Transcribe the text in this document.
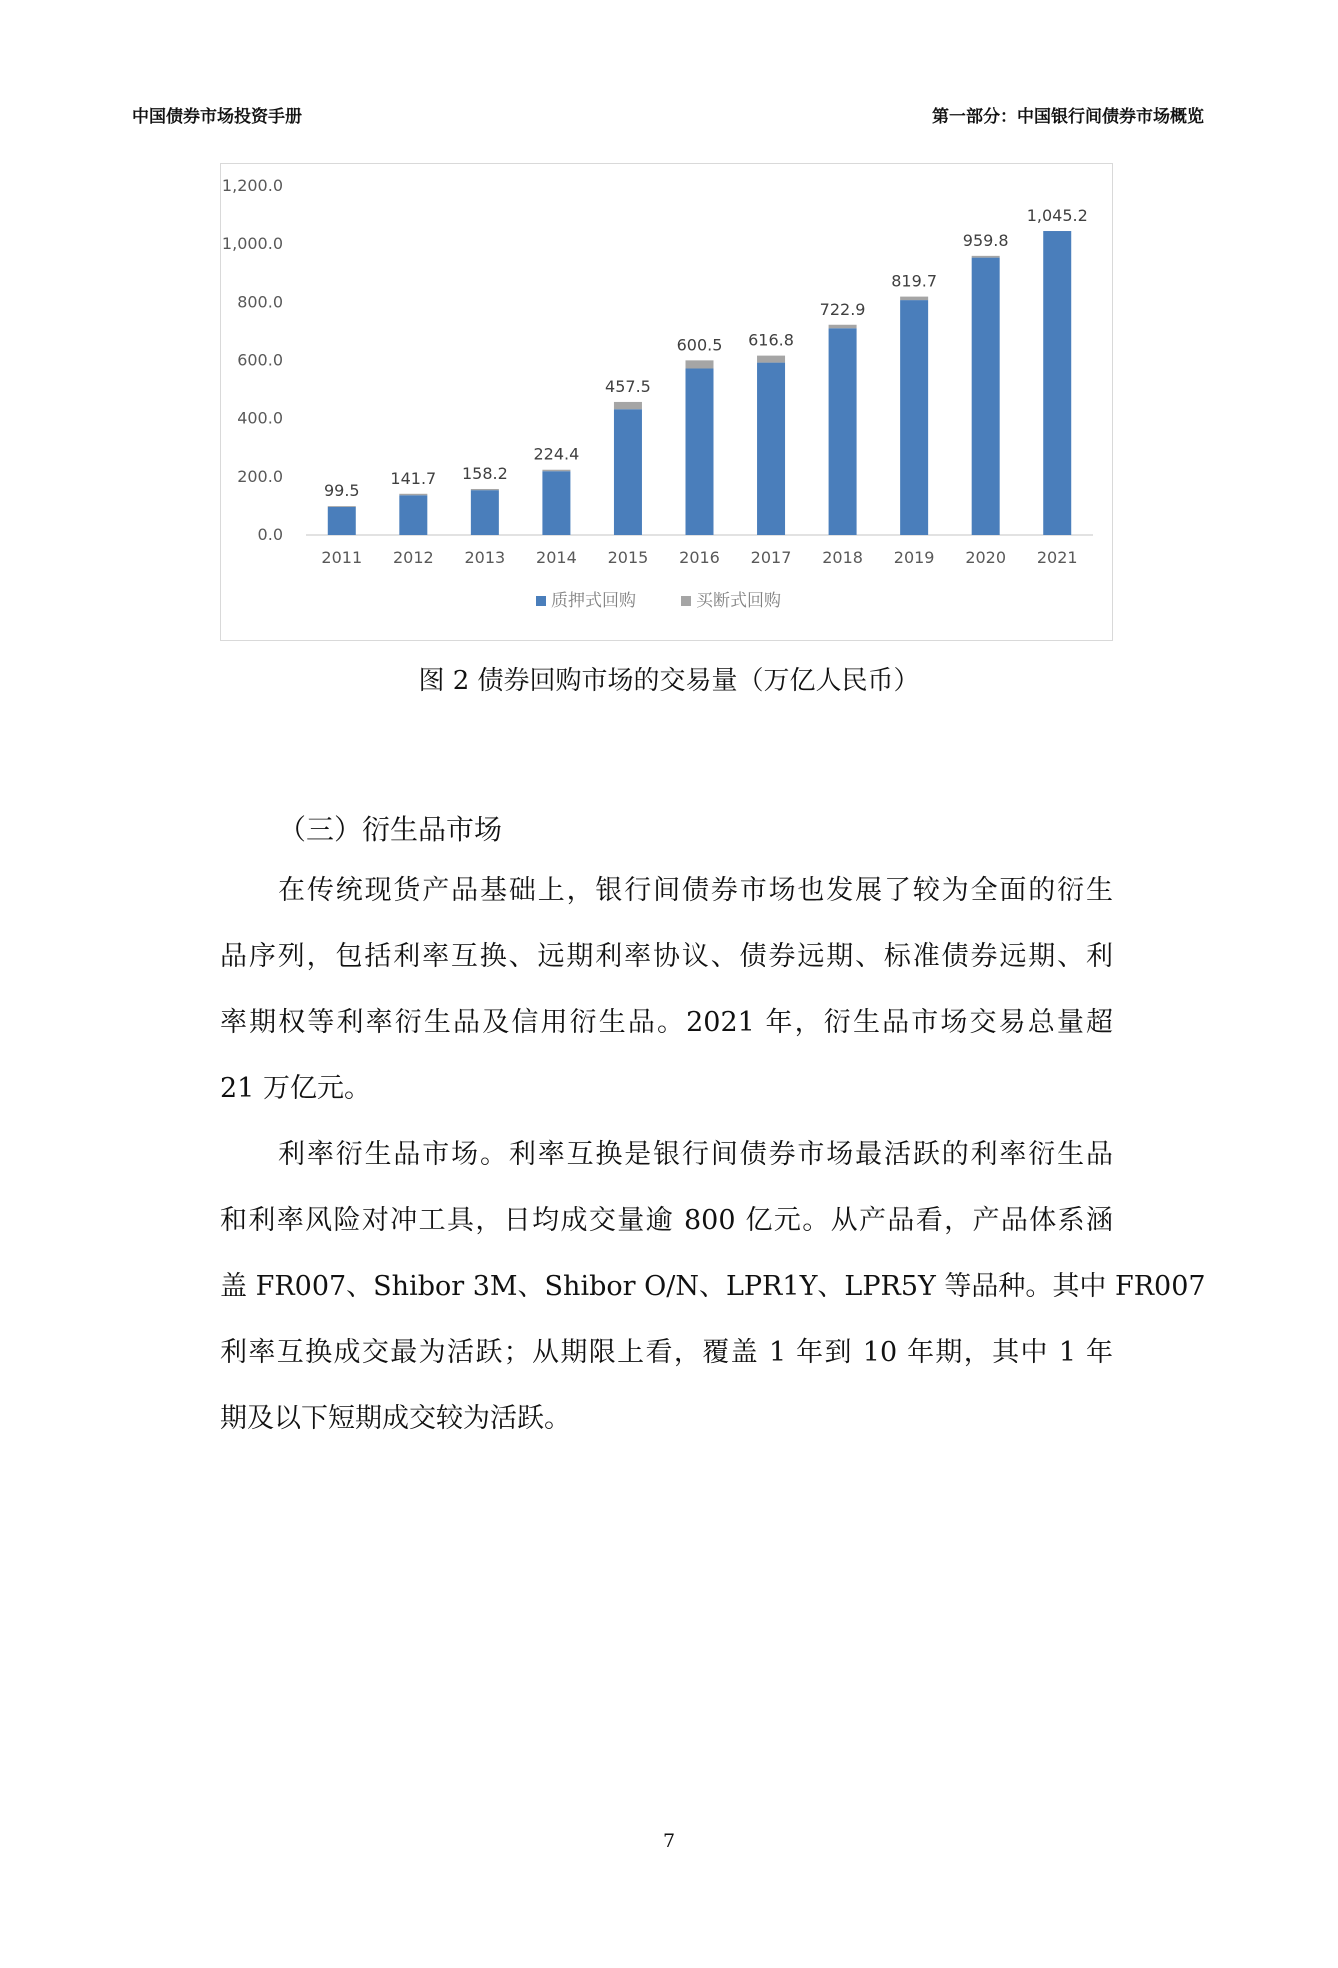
中国债券市场投资手册	第一部分：中国银行间债券市场概览
0.0
200.0
400.0
600.0
800.0
1,000.0
1,200.0
99.5
2011
141.7
2012
158.2
2013
224.4
2014
457.5
2015
600.5
2016
616.8
2017
722.9
2018
819.7
2019
959.8
2020
1,045.2
2021
质押式回购	买断式回购
图 2 债券回购市场的交易量（万亿人民币）
（三）衍生品市场
在传统现货产品基础上，银行间债券市场也发展了较为全面的衍生
品序列，包括利率互换、远期利率协议、债券远期、标准债券远期、利
率期权等利率衍生品及信用衍生品。2021 年，衍生品市场交易总量超
21 万亿元。
利率衍生品市场。利率互换是银行间债券市场最活跃的利率衍生品
和利率风险对冲工具，日均成交量逾 800 亿元。从产品看，产品体系涵
盖 FR007、Shibor 3M、Shibor O/N、LPR1Y、LPR5Y 等品种。其中 FR007
利率互换成交最为活跃；从期限上看，覆盖 1 年到 10 年期，其中 1 年
期及以下短期成交较为活跃。
7
